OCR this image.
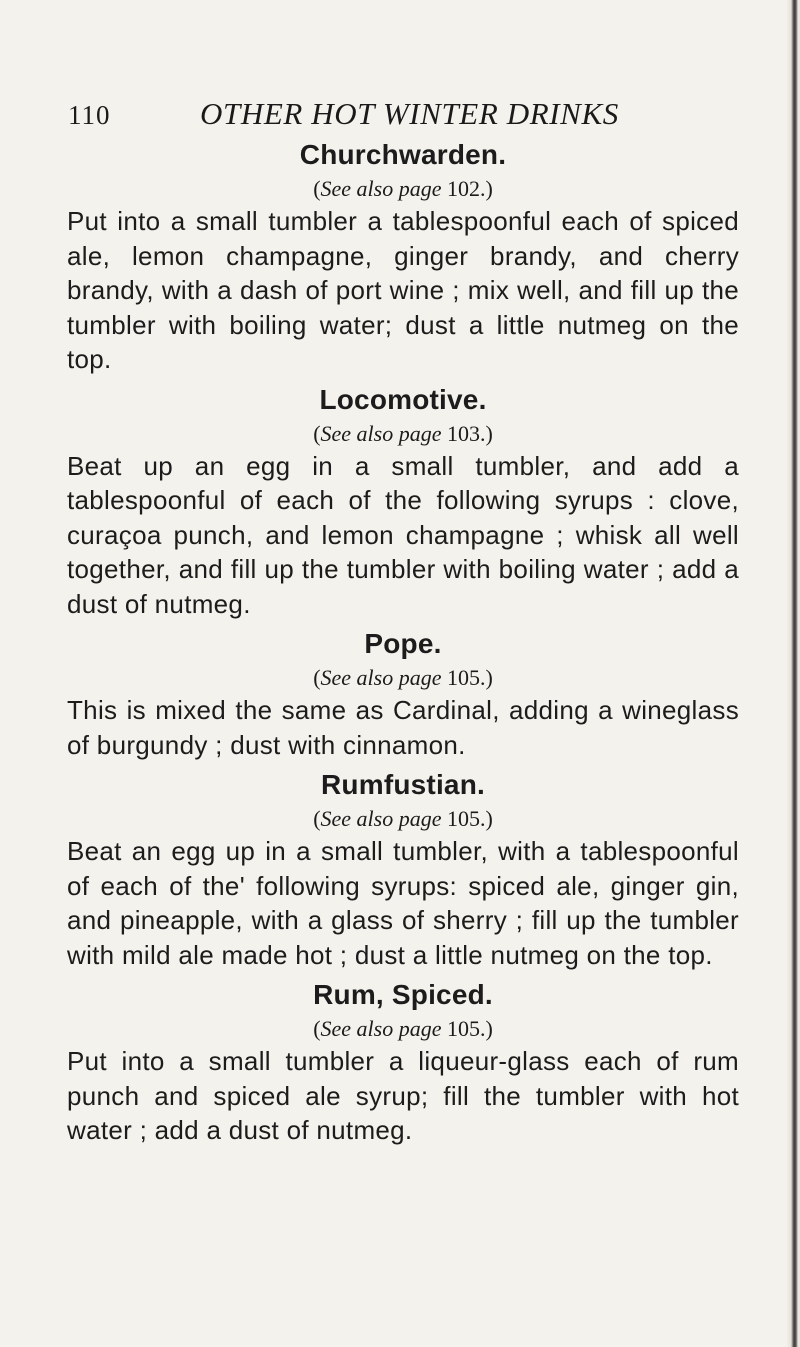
110	OTHER HOT WINTER DRINKS
Churchwarden.

(See also page 102.)

Put into a small tumbler a tablespoonful each of spiced ale, lemon champagne, ginger brandy, and cherry brandy, with a dash of port wine ; mix well, and fill up the tumbler with boiling water; dust a little nutmeg on the top.

Locomotive.

(See also page 103.)

Beat up an egg in a small tumbler, and add a tablespoonful of each of the following syrups : clove, curaçoa punch, and lemon champagne ; whisk all well together, and fill up the tumbler with boiling water ; add a dust of nutmeg.

Pope.

(See also page 105.)

This is mixed the same as Cardinal, adding a wineglass of burgundy ; dust with cinnamon.

Rumfustian.

(See also page 105.)

Beat an egg up in a small tumbler, with a tablespoonful of each of the' following syrups: spiced ale, ginger gin, and pineapple, with a glass of sherry ; fill up the tumbler with mild ale made hot ; dust a little nutmeg on the top.

Rum, Spiced.

(See also page 105.)

Put into a small tumbler a liqueur-glass each of rum punch and spiced ale syrup; fill the tumbler with hot water ; add a dust of nutmeg.
